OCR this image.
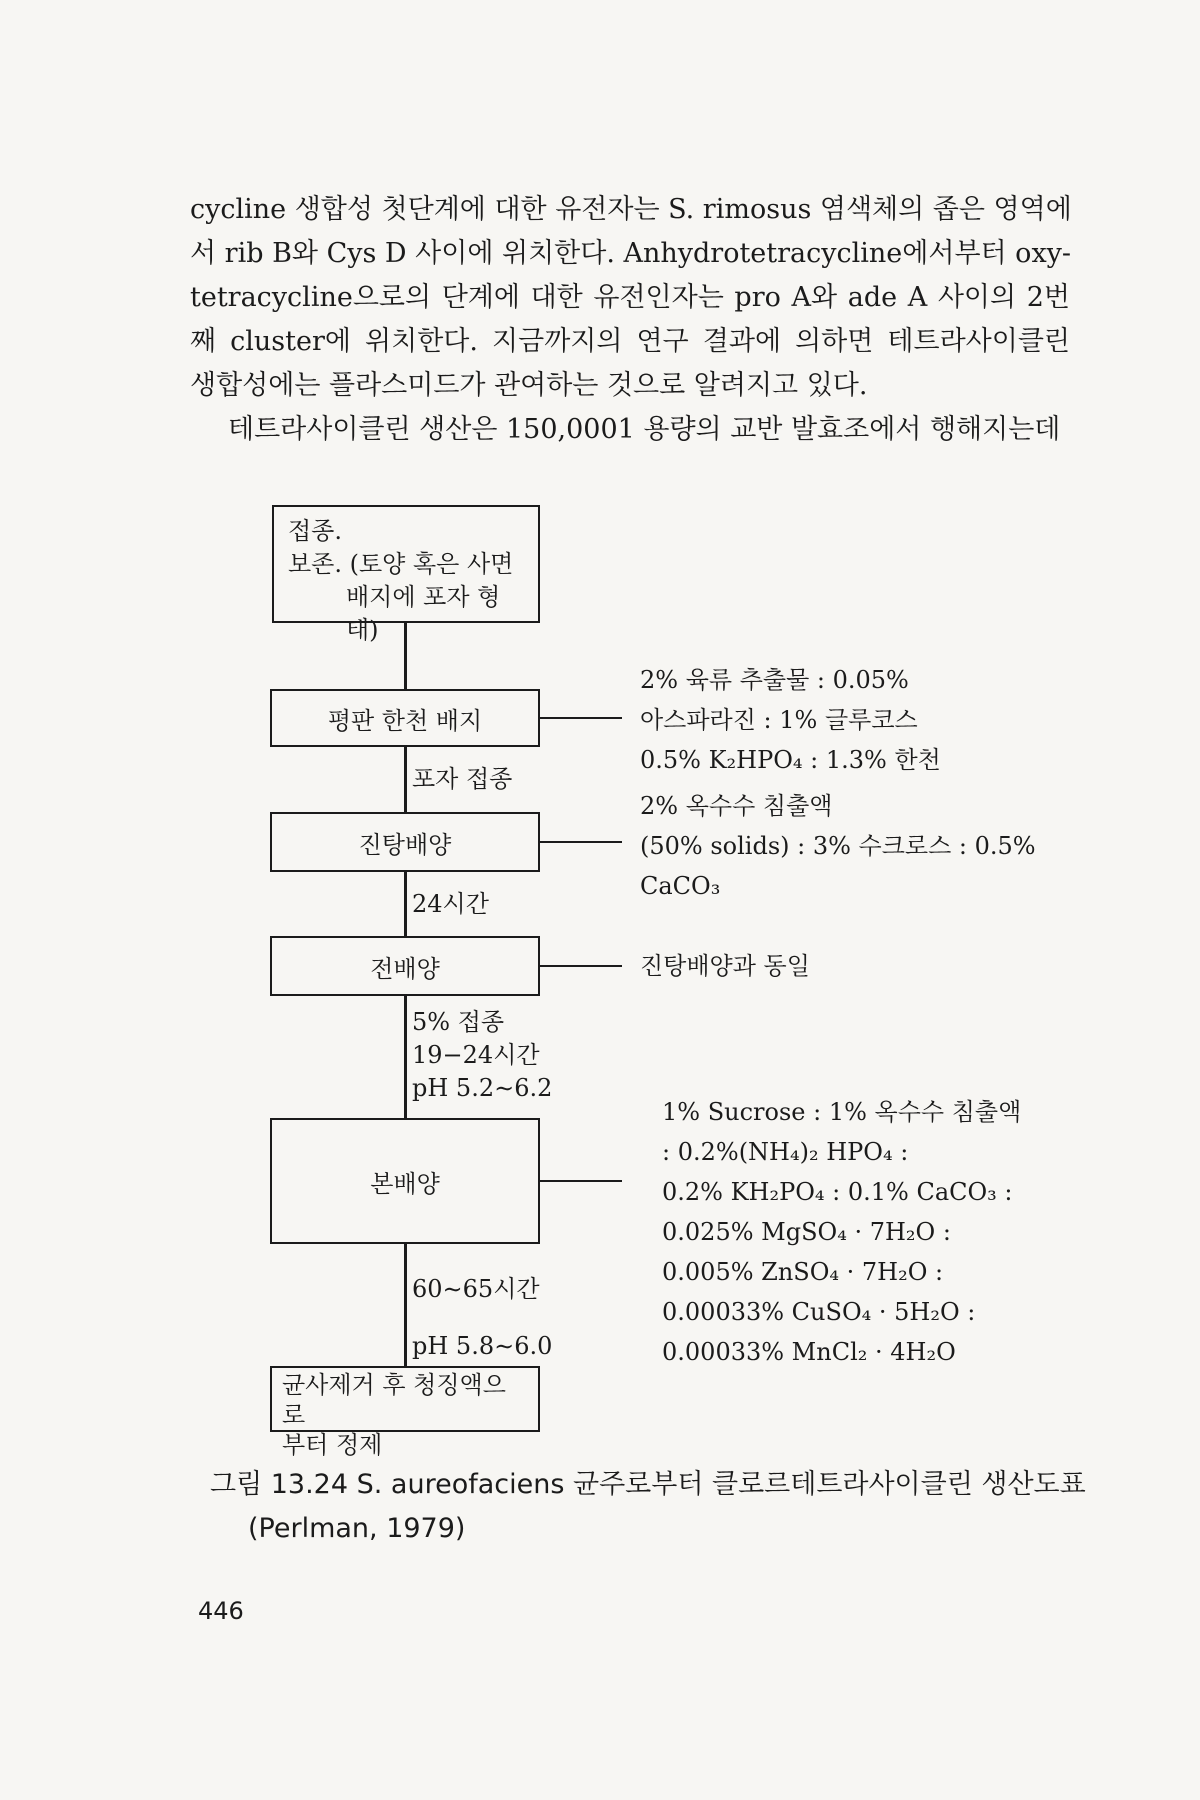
cycline 생합성 첫단계에 대한 유전자는 S. rimosus 염색체의 좁은 영역에

서 rib B와 Cys D 사이에 위치한다. Anhydrotetracycline에서부터 oxy-

tetracycline으로의 단계에 대한 유전인자는 pro A와 ade A 사이의 2번

째 cluster에 위치한다. 지금까지의 연구 결과에 의하면 테트라사이클린

생합성에는 플라스미드가 관여하는 것으로 알려지고 있다.

테트라사이클린 생산은 150,0001 용량의 교반 발효조에서 행해지는데

접종.
보존. (토양 혹은 사면
배지에 포자 형태)
평판 한천 배지
포자 접종
진탕배양
24시간
전배양
5% 접종
19−24시간
pH 5.2∼6.2
본배양
60∼65시간
pH 5.8∼6.0
균사제거 후 청징액으로
부터 정제
2% 육류 추출물 : 0.05%
아스파라진 : 1% 글루코스
0.5% K₂HPO₄ : 1.3% 한천
2% 옥수수 침출액
(50% solids) : 3% 수크로스 : 0.5%
CaCO₃
진탕배양과 동일
1% Sucrose : 1% 옥수수 침출액
: 0.2%(NH₄)₂ HPO₄ :
0.2% KH₂PO₄ : 0.1% CaCO₃ :
0.025% MgSO₄ · 7H₂O :
0.005% ZnSO₄ · 7H₂O :
0.00033% CuSO₄ · 5H₂O :
0.00033% MnCl₂ · 4H₂O
그림 13.24 S. aureofaciens 균주로부터 클로르테트라사이클린 생산도표
(Perlman, 1979)
446
